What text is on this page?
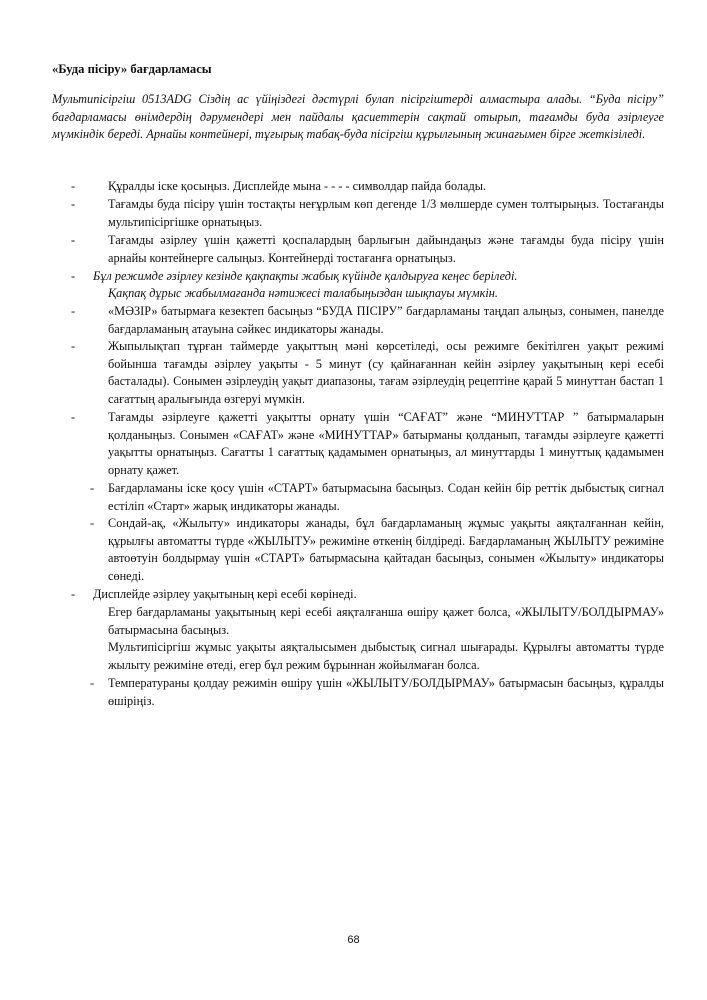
«Буда пісіру» бағдарламасы

Мультипісіргіш 0513ADG Сіздің ас үйіңіздегі дәстүрлі булап пісіргіштерді алмастыра алады. “Буда пісіру” бағдарламасы өнімдердің дәрумендері мен пайдалы қасиеттерін сақтай отырып, тағамды буда әзірлеуге мүмкіндік береді. Арнайы контейнері, тұғырық табақ-буда пісіргіш құрылғының жинағымен бірге жеткізіледі.

-	Құралды іске қосыңыз. Дисплейде мына - - - - символдар пайда болады.
-	Тағамды буда пісіру үшін тостақты неғұрлым көп дегенде 1/3 мөлшерде сумен толтырыңыз. Тостағанды мультипісіргішке орнатыңыз.
-	Тағамды әзірлеу үшін қажетті қоспалардың барлығын дайындаңыз және тағамды буда пісіру үшін арнайы контейнерге салыңыз. Контейнерді тостағанға орнатыңыз.
- Бұл режимде әзірлеу кезінде қақпақты жабық күйінде қалдыруға кеңес беріледі.
Қақпақ дұрыс жабылмағанда нәтижесі талабыңыздан шықпауы мүмкін.
-	«МӘЗІР» батырмаға кезектеп басыңыз “БУДА ПІСІРУ” бағдарламаны таңдап алыңыз, сонымен, панелде бағдарламаның атауына сәйкес индикаторы жанады.
-	Жыпылықтап тұрған таймерде уақыттың мәні көрсетіледі, осы режимге бекітілген уақыт режимі бойынша тағамды әзірлеу уақыты - 5 минут (су қайнағаннан кейін әзірлеу уақытының кері есебі басталады). Сонымен әзірлеудің уақыт диапазоны, тағам әзірлеудің рецептіне қарай 5 минуттан бастап 1 сағаттың аралығында өзгеруі мүмкін.
-	Тағамды әзірлеуге қажетті уақытты орнату үшін “САҒАТ” және “МИНУТТАР ” батырмаларын қолданыңыз. Сонымен «САҒАТ» және «МИНУТТАР» батырманы қолданып, тағамды әзірлеуге қажетті уақытты орнатыңыз. Сағатты 1 сағаттық қадамымен орнатыңыз, ал минуттарды 1 минуттық қадамымен орнату қажет.
- Бағдарламаны іске қосу үшін «СТАРТ» батырмасына басыңыз. Содан кейін бір реттік дыбыстық сигнал естіліп «Старт» жарық индикаторы жанады.
- Сондай-ақ, «Жылыту» индикаторы жанады, бұл бағдарламаның жұмыс уақыты аяқталғаннан кейін, құрылғы автоматты түрде «ЖЫЛЫТУ» режиміне өткенің білдіреді. Бағдарламаның ЖЫЛЫТУ режиміне автоөтуін болдырмау үшін «СТАРТ» батырмасына қайтадан басыңыз, сонымен «Жылыту» индикаторы сөнеді.
- Дисплейде әзірлеу уақытының кері есебі көрінеді.
Егер бағдарламаны уақытының кері есебі аяқталғанша өшіру қажет болса, «ЖЫЛЫТУ/БОЛДЫРМАУ» батырмасына басыңыз.
Мультипісіргіш жұмыс уақыты аяқталысымен дыбыстық сигнал шығарады. Құрылғы автоматты түрде жылыту режиміне өтеді, егер бұл режим бұрыннан жойылмаған болса.
- Температураны қолдау режимін өшіру үшін «ЖЫЛЫТУ/БОЛДЫРМАУ» батырмасын басыңыз, құралды өшіріңіз.
68
